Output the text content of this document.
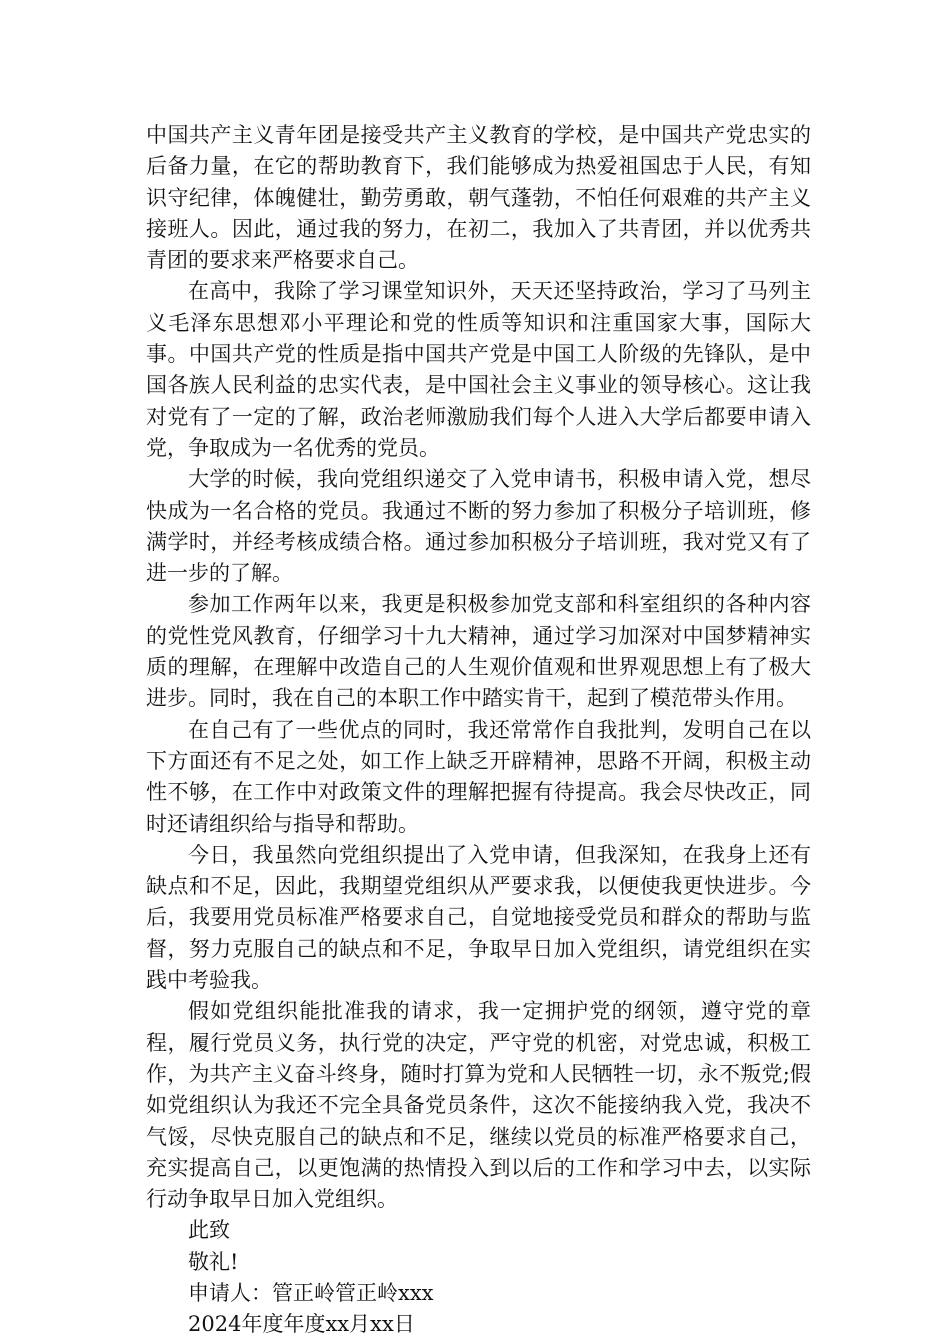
中国共产主义青年团是接受共产主义教育的学校，是中国共产党忠实的后备力量，在它的帮助教育下，我们能够成为热爱祖国忠于人民，有知识守纪律，体魄健壮，勤劳勇敢，朝气蓬勃，不怕任何艰难的共产主义接班人。因此，通过我的努力，在初二，我加入了共青团，并以优秀共青团的要求来严格要求自己。

在高中，我除了学习课堂知识外，天天还坚持政治，学习了马列主义毛泽东思想邓小平理论和党的性质等知识和注重国家大事，国际大事。中国共产党的性质是指中国共产党是中国工人阶级的先锋队，是中国各族人民利益的忠实代表，是中国社会主义事业的领导核心。这让我对党有了一定的了解，政治老师激励我们每个人进入大学后都要申请入党，争取成为一名优秀的党员。

大学的时候，我向党组织递交了入党申请书，积极申请入党，想尽快成为一名合格的党员。我通过不断的努力参加了积极分子培训班，修满学时，并经考核成绩合格。通过参加积极分子培训班，我对党又有了进一步的了解。

参加工作两年以来，我更是积极参加党支部和科室组织的各种内容的党性党风教育，仔细学习十九大精神，通过学习加深对中国梦精神实质的理解，在理解中改造自己的人生观价值观和世界观思想上有了极大进步。同时，我在自己的本职工作中踏实肯干，起到了模范带头作用。

在自己有了一些优点的同时，我还常常作自我批判，发明自己在以下方面还有不足之处，如工作上缺乏开辟精神，思路不开阔，积极主动性不够，在工作中对政策文件的理解把握有待提高。我会尽快改正，同时还请组织给与指导和帮助。

今日，我虽然向党组织提出了入党申请，但我深知，在我身上还有缺点和不足，因此，我期望党组织从严要求我，以便使我更快进步。今后，我要用党员标准严格要求自己，自觉地接受党员和群众的帮助与监督，努力克服自己的缺点和不足，争取早日加入党组织，请党组织在实践中考验我。

假如党组织能批准我的请求，我一定拥护党的纲领，遵守党的章程，履行党员义务，执行党的决定，严守党的机密，对党忠诚，积极工作，为共产主义奋斗终身，随时打算为党和人民牺牲一切，永不叛党;假如党组织认为我还不完全具备党员条件，这次不能接纳我入党，我决不气馁，尽快克服自己的缺点和不足，继续以党员的标准严格要求自己，充实提高自己，以更饱满的热情投入到以后的工作和学习中去，以实际行动争取早日加入党组织。

此致

敬礼!

申请人：管正岭管正岭xxx

2024年度年度xx月xx日
